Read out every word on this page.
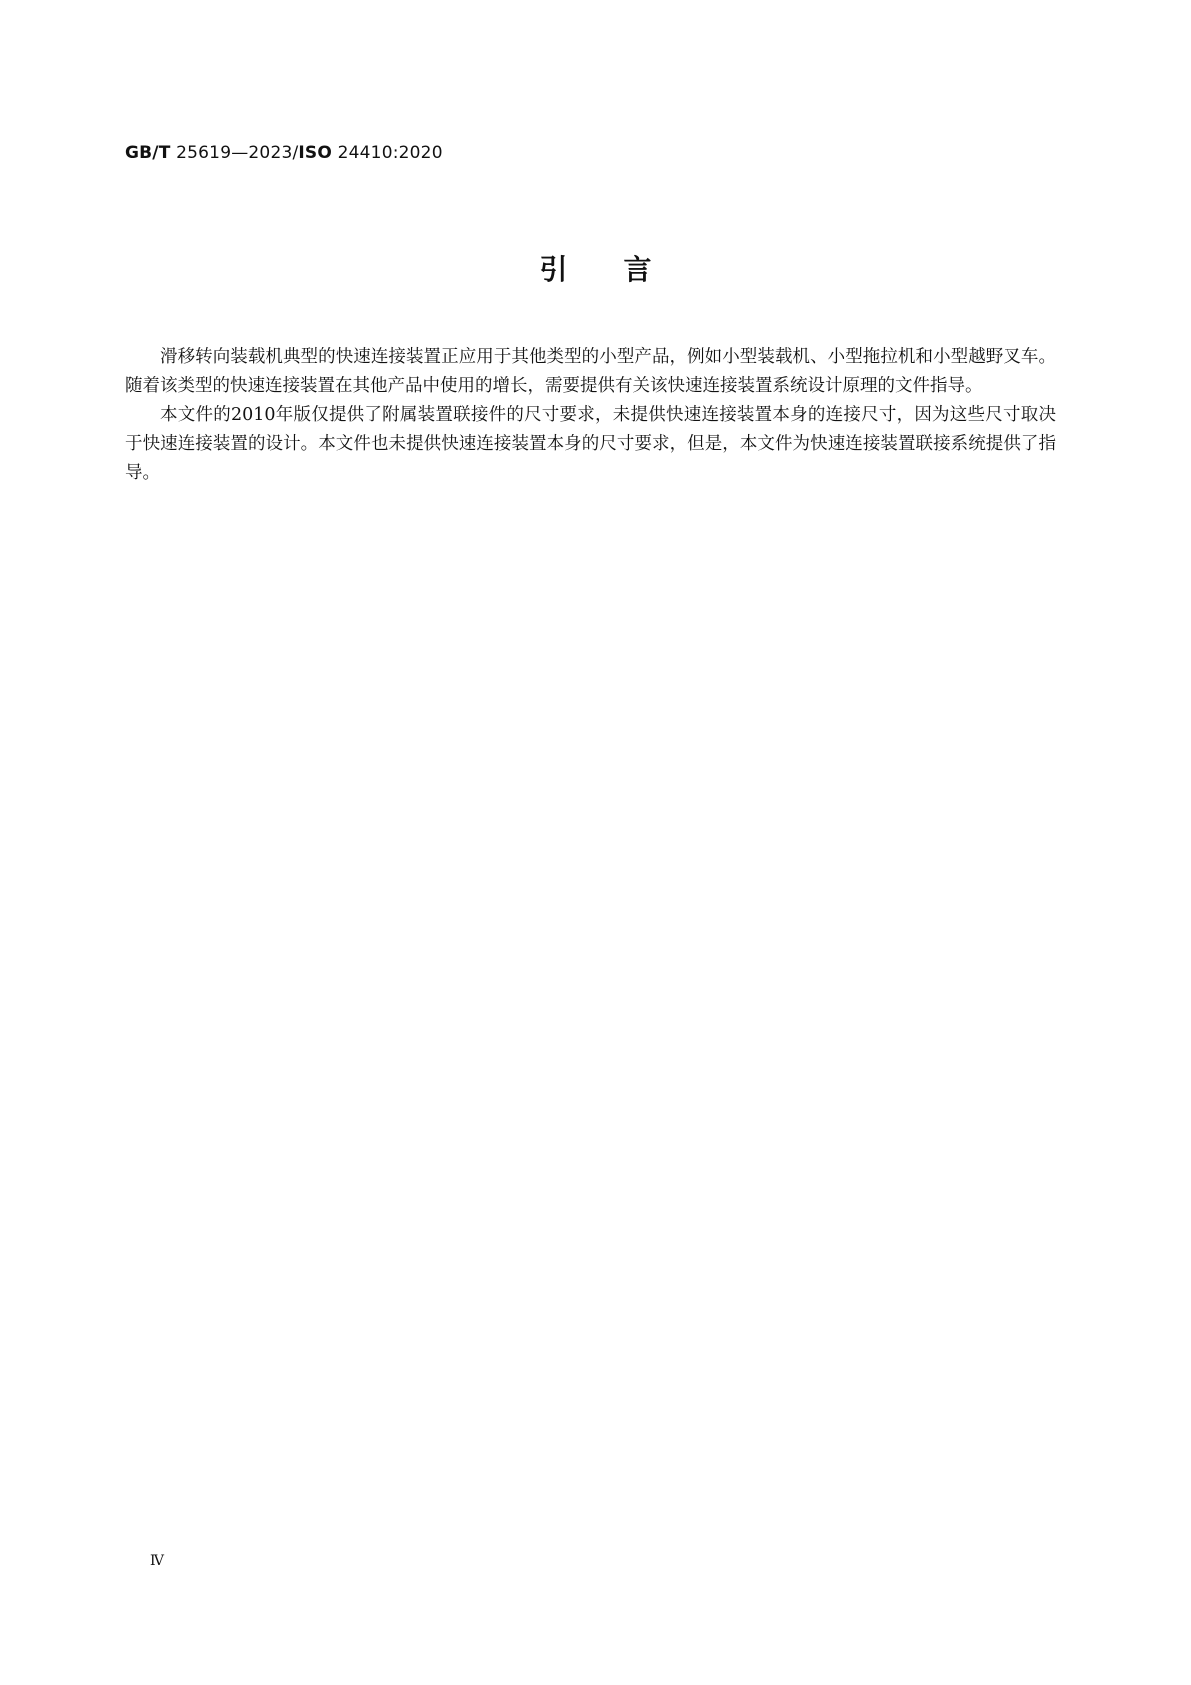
GB/T 25619—2023/ISO 24410:2020
引言

滑移转向装载机典型的快速连接装置正应用于其他类型的小型产品，例如小型装载机、小型拖拉机和小型越野叉车。随着该类型的快速连接装置在其他产品中使用的增长，需要提供有关该快速连接装置系统设计原理的文件指导。

本文件的2010年版仅提供了附属装置联接件的尺寸要求，未提供快速连接装置本身的连接尺寸，因为这些尺寸取决于快速连接装置的设计。本文件也未提供快速连接装置本身的尺寸要求，但是，本文件为快速连接装置联接系统提供了指导。

Ⅳ
